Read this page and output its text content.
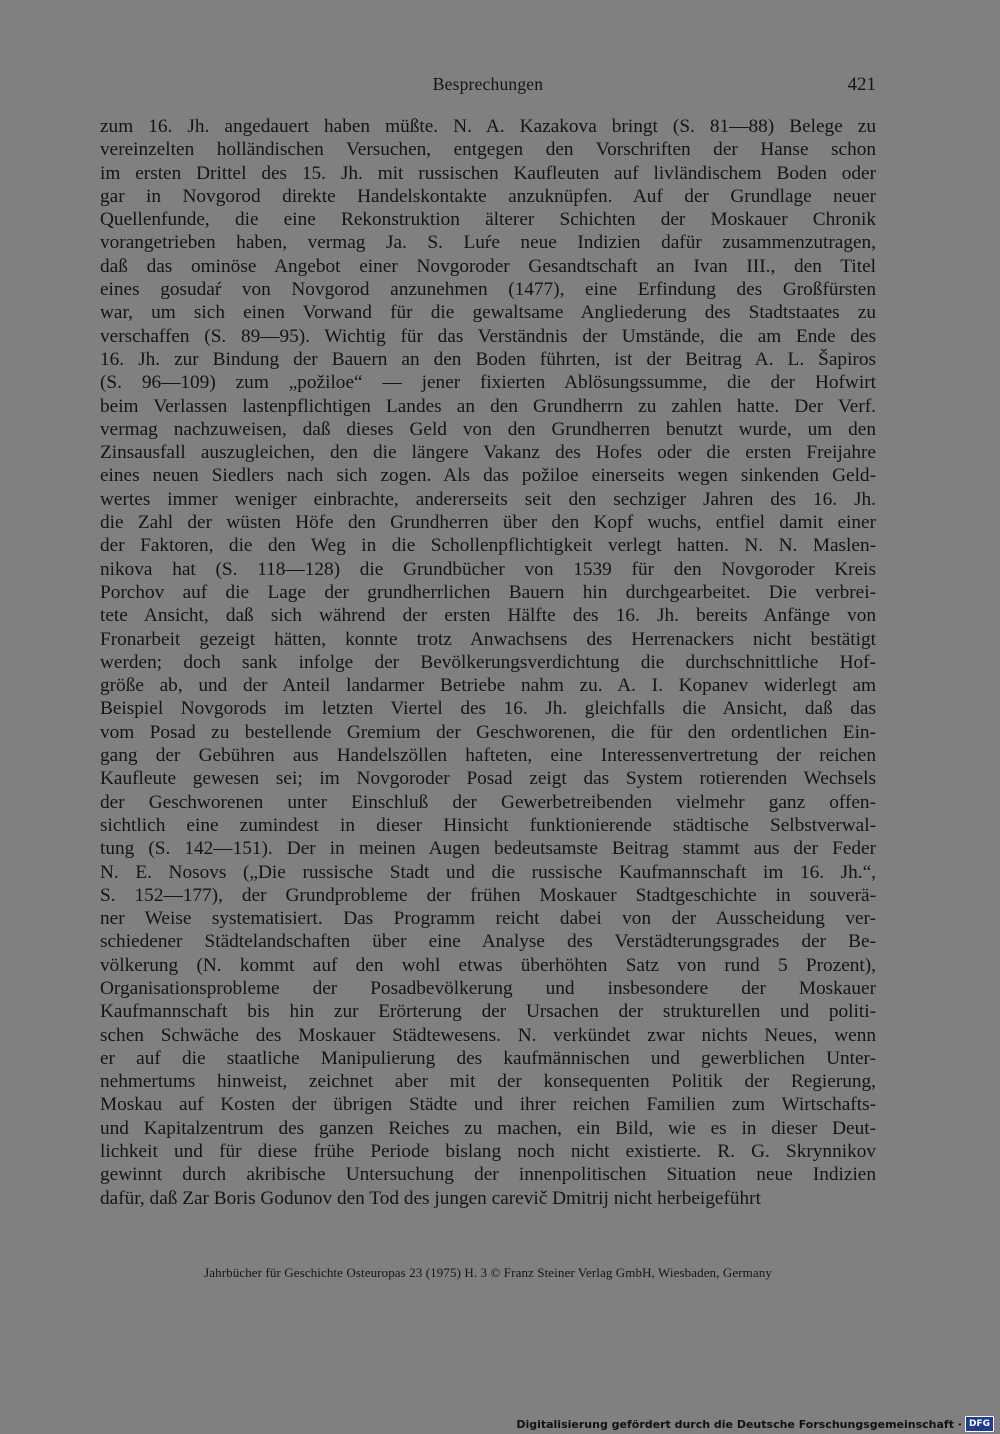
Besprechungen	421
zum 16. Jh. angedauert haben müßte. N. A. Kazakova bringt (S. 81—88) Belege zu
vereinzelten holländischen Versuchen, entgegen den Vorschriften der Hanse schon
im ersten Drittel des 15. Jh. mit russischen Kaufleuten auf livländischem Boden oder
gar in Novgorod direkte Handelskontakte anzuknüpfen. Auf der Grundlage neuer
Quellenfunde, die eine Rekonstruktion älterer Schichten der Moskauer Chronik
vorangetrieben haben, vermag Ja. S. Luŕe neue Indizien dafür zusammenzutragen,
daß das ominöse Angebot einer Novgoroder Gesandtschaft an Ivan III., den Titel
eines gosudaŕ von Novgorod anzunehmen (1477), eine Erfindung des Großfürsten
war, um sich einen Vorwand für die gewaltsame Angliederung des Stadtstaates zu
verschaffen (S. 89—95). Wichtig für das Verständnis der Umstände, die am Ende des
16. Jh. zur Bindung der Bauern an den Boden führten, ist der Beitrag A. L. Šapiros
(S. 96—109) zum „požiloe“ — jener fixierten Ablösungssumme, die der Hofwirt
beim Verlassen lastenpflichtigen Landes an den Grundherrn zu zahlen hatte. Der Verf.
vermag nachzuweisen, daß dieses Geld von den Grundherren benutzt wurde, um den
Zinsausfall auszugleichen, den die längere Vakanz des Hofes oder die ersten Freijahre
eines neuen Siedlers nach sich zogen. Als das požiloe einerseits wegen sinkenden Geld-
wertes immer weniger einbrachte, andererseits seit den sechziger Jahren des 16. Jh.
die Zahl der wüsten Höfe den Grundherren über den Kopf wuchs, entfiel damit einer
der Faktoren, die den Weg in die Schollenpflichtigkeit verlegt hatten. N. N. Maslen-
nikova hat (S. 118—128) die Grundbücher von 1539 für den Novgoroder Kreis
Porchov auf die Lage der grundherrlichen Bauern hin durchgearbeitet. Die verbrei-
tete Ansicht, daß sich während der ersten Hälfte des 16. Jh. bereits Anfänge von
Fronarbeit gezeigt hätten, konnte trotz Anwachsens des Herrenackers nicht bestätigt
werden; doch sank infolge der Bevölkerungsverdichtung die durchschnittliche Hof-
größe ab, und der Anteil landarmer Betriebe nahm zu. A. I. Kopanev widerlegt am
Beispiel Novgorods im letzten Viertel des 16. Jh. gleichfalls die Ansicht, daß das
vom Posad zu bestellende Gremium der Geschworenen, die für den ordentlichen Ein-
gang der Gebühren aus Handelszöllen hafteten, eine Interessenvertretung der reichen
Kaufleute gewesen sei; im Novgoroder Posad zeigt das System rotierenden Wechsels
der Geschworenen unter Einschluß der Gewerbetreibenden vielmehr ganz offen-
sichtlich eine zumindest in dieser Hinsicht funktionierende städtische Selbstverwal-
tung (S. 142—151). Der in meinen Augen bedeutsamste Beitrag stammt aus der Feder
N. E. Nosovs („Die russische Stadt und die russische Kaufmannschaft im 16. Jh.“,
S. 152—177), der Grundprobleme der frühen Moskauer Stadtgeschichte in souverä-
ner Weise systematisiert. Das Programm reicht dabei von der Ausscheidung ver-
schiedener Städtelandschaften über eine Analyse des Verstädterungsgrades der Be-
völkerung (N. kommt auf den wohl etwas überhöhten Satz von rund 5 Prozent),
Organisationsprobleme der Posadbevölkerung und insbesondere der Moskauer
Kaufmannschaft bis hin zur Erörterung der Ursachen der strukturellen und politi-
schen Schwäche des Moskauer Städtewesens. N. verkündet zwar nichts Neues, wenn
er auf die staatliche Manipulierung des kaufmännischen und gewerblichen Unter-
nehmertums hinweist, zeichnet aber mit der konsequenten Politik der Regierung,
Moskau auf Kosten der übrigen Städte und ihrer reichen Familien zum Wirtschafts-
und Kapitalzentrum des ganzen Reiches zu machen, ein Bild, wie es in dieser Deut-
lichkeit und für diese frühe Periode bislang noch nicht existierte. R. G. Skrynnikov
gewinnt durch akribische Untersuchung der innenpolitischen Situation neue Indizien
dafür, daß Zar Boris Godunov den Tod des jungen carevič Dmitrij nicht herbeigeführt
Jahrbücher für Geschichte Osteuropas 23 (1975) H. 3 © Franz Steiner Verlag GmbH, Wiesbaden, Germany
Digitalisierung gefördert durch die Deutsche Forschungsgemeinschaft · DFG
